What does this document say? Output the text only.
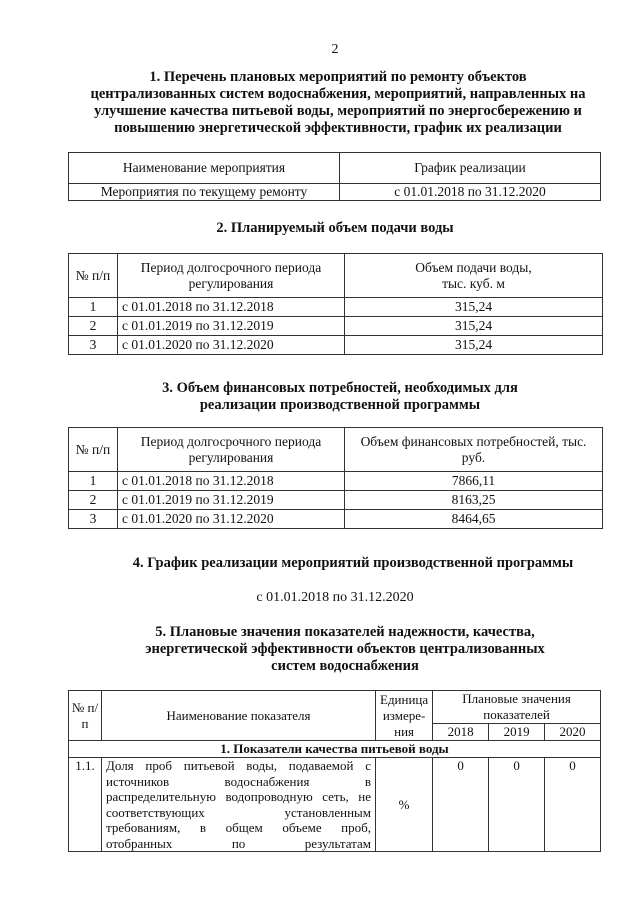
2
1. Перечень плановых мероприятий по ремонту объектов централизованных систем водоснабжения, мероприятий, направленных на улучшение качества питьевой воды, мероприятий по энергосбережению и повышению энергетической эффективности, график их реализации
Наименование мероприятия	График реализации
Мероприятия по текущему ремонту	с 01.01.2018 по 31.12.2020
2. Планируемый объем подачи воды
№ п/п	Период долгосрочного периода регулирования	Объем подачи воды, тыс. куб. м
1	с 01.01.2018 по 31.12.2018	315,24
2	с 01.01.2019 по 31.12.2019	315,24
3	с 01.01.2020 по 31.12.2020	315,24
3. Объем финансовых потребностей, необходимых для реализации производственной программы
№ п/п	Период долгосрочного периода регулирования	Объем финансовых потребностей, тыс. руб.
1	с 01.01.2018 по 31.12.2018	7866,11
2	с 01.01.2019 по 31.12.2019	8163,25
3	с 01.01.2020 по 31.12.2020	8464,65
4. График реализации мероприятий производственной программы
с 01.01.2018 по 31.12.2020
5. Плановые значения показателей надежности, качества, энергетической эффективности объектов централизованных систем водоснабжения
№ п/п	Наименование показателя	Единица измере-ния	Плановые значения показателей		
			2018	2019	2020
1. Показатели качества питьевой воды					
1.1.	Доля проб питьевой воды, подаваемой с источников водоснабжения в распределительную водопроводную сеть, не соответствующих установленным требованиям, в общем объеме проб, отобранных по результатам	%	0	0	0
